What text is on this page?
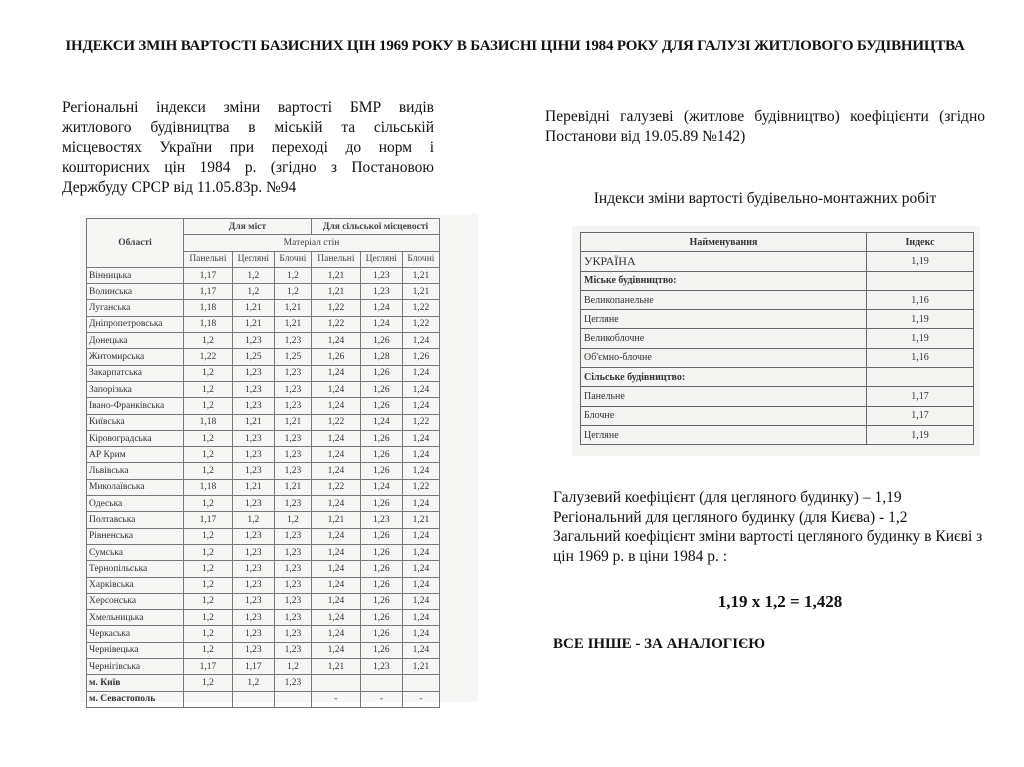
ІНДЕКСИ ЗМІН ВАРТОСТІ БАЗИСНИХ ЦІН 1969 РОКУ В БАЗИСНІ ЦІНИ 1984 РОКУ ДЛЯ ГАЛУЗІ ЖИТЛОВОГО БУДІВНИЦТВА
Регіональні індекси зміни вартості БМР видів житлового будівництва в міській та сільській місцевостях України при переході до норм і кошторисних цін 1984 р. (згідно з Постановою Держбуду СРСР від 11.05.83р. №94
Перевідні галузеві (житлове будівництво) коефіцієнти (згідно Постанови від 19.05.89 №142)
Індекси зміни вартості будівельно-монтажних робіт
Області	Для міст			Для сільської місцевості		
	Матеріал стін					
	Панельні	Цегляні	Блочні	Панельні	Цегляні	Блочні
Вінницька	1,17	1,2	1,2	1,21	1,23	1,21
Волинська	1,17	1,2	1,2	1,21	1,23	1,21
Луганська	1,18	1,21	1,21	1,22	1,24	1,22
Дніпропетровська	1,18	1,21	1,21	1,22	1,24	1,22
Донецька	1,2	1,23	1,23	1,24	1,26	1,24
Житомирська	1,22	1,25	1,25	1,26	1,28	1,26
Закарпатська	1,2	1,23	1,23	1,24	1,26	1,24
Запорізька	1,2	1,23	1,23	1,24	1,26	1,24
Івано-Франківська	1,2	1,23	1,23	1,24	1,26	1,24
Київська	1,18	1,21	1,21	1,22	1,24	1,22
Кіровоградська	1,2	1,23	1,23	1,24	1,26	1,24
АР Крим	1,2	1,23	1,23	1,24	1,26	1,24
Львівська	1,2	1,23	1,23	1,24	1,26	1,24
Миколаївська	1,18	1,21	1,21	1,22	1,24	1,22
Одеська	1,2	1,23	1,23	1,24	1,26	1,24
Полтавська	1,17	1,2	1,2	1,21	1,23	1,21
Рівненська	1,2	1,23	1,23	1,24	1,26	1,24
Сумська	1,2	1,23	1,23	1,24	1,26	1,24
Тернопільська	1,2	1,23	1,23	1,24	1,26	1,24
Харківська	1,2	1,23	1,23	1,24	1,26	1,24
Херсонська	1,2	1,23	1,23	1,24	1,26	1,24
Хмельницька	1,2	1,23	1,23	1,24	1,26	1,24
Черкаська	1,2	1,23	1,23	1,24	1,26	1,24
Чернівецька	1,2	1,23	1,23	1,24	1,26	1,24
Чернігівська	1,17	1,17	1,2	1,21	1,23	1,21
м. Київ	1,2	1,2	1,23			
м. Севастополь				-	-	-
Найменування	Індекс
УКРАЇНА	1,19
Міське будівництво:	
Великопанельне	1,16
Цегляне	1,19
Великоблочне	1,19
Об'ємно-блочне	1,16
Сільське будівництво:	
Панельне	1,17
Блочне	1,17
Цегляне	1,19
Галузевий коефіцієнт (для цегляного будинку) – 1,19
Регіональний для цегляного будинку (для Києва) - 1,2
Загальний коефіцієнт зміни вартості цегляного будинку в Києві з цін 1969 р. в ціни 1984 р. :
1,19 х 1,2 = 1,428
ВСЕ ІНШЕ - ЗА АНАЛОГІЄЮ
